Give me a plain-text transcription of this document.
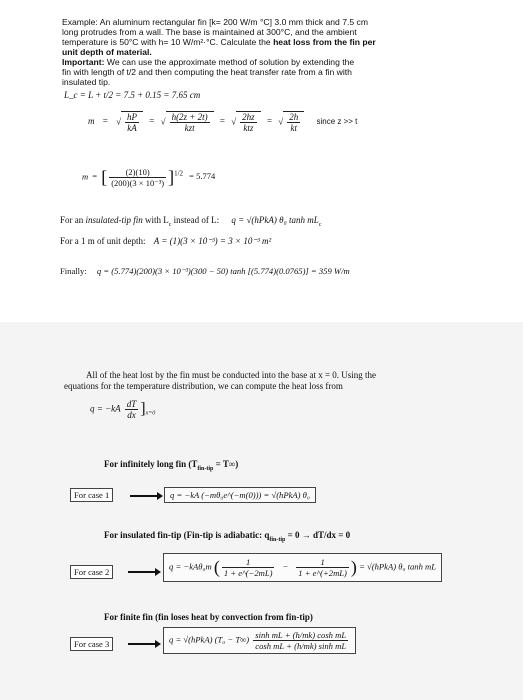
Example: An aluminum rectangular fin [k= 200 W/m °C] 3.0 mm thick and 7.5 cm
long protrudes from a wall. The base is maintained at 300°C, and the ambient
temperature is 50°C with h= 10 W/m²·°C. Calculate the heat loss from the fin per
unit depth of material.
Important: We can use the approximate method of solution by extending the
fin with length of t/2 and then computing the heat transfer rate from a fin with
insulated tip.
L_c = L + t/2 = 7.5 + 0.15 = 7.65 cm
m = √ $\frac{hP}{kA}$ = √ $\frac{h(2z + 2t)}{\text{kzt}}$ = √ $\frac{2hz}{\text{ktz}}$ = √ $\frac{2h}{kt}$ since z >> t
m = [ $\frac{(2)(10)}{\text{(200)(3 × 10⁻³)}} ]^{1/2} = 5.774$
For an insulated-tip fin with $L_c$ instead of L: q = √(hPkA) θ₀ $\tanh mL_c$
For a 1 m of unit depth: A = (1)(3 × 10⁻³) = 3 × 10⁻³ m²
Finally: q = (5.774)(200)(3 × 10⁻³)(300 − 50) tanh [(5.774)(0.0765)] = 359 W/m
All of the heat lost by the fin must be conducted into the base at x = 0. Using the
equations for the temperature distribution, we can compute the heat loss from
$q = -kA \frac{dT}{dx} ]_{x=0}$
For infinitely long fin $(T_{fin-tip} = T\infty)$
For case 1	q = −kA (−mθ₀e^(−m(0))) = √(hPkA) θ₀
For insulated fin-tip (Fin-tip is adiabatic: $q_{fin-tip} = 0 \to dT/dx = 0$
For case 2
q = −kAθ₀m ( $\frac{1}{1 + e\^{}(-2mL)} - \frac{1}{1 + e\^{}(+2mL)}$ ) = √(hPkA) θ₀ tanh mL
For finite fin (fin loses heat by convection from fin-tip)
For case 3	q = √(hPkA) $(T_0 - T\infty) \frac{\text{sinh mL + (h/mk) cosh mL}}{\text{cosh mL + (h/mk) sinh mL}}$
